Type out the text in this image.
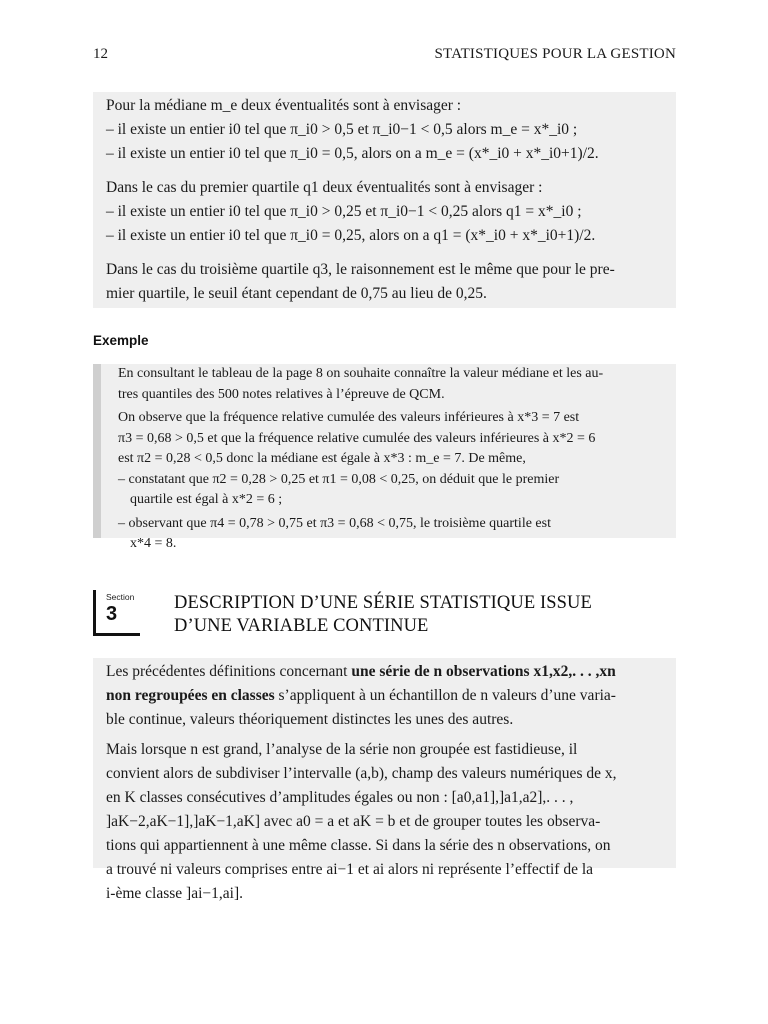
12	STATISTIQUES POUR LA GESTION
Pour la médiane m_e deux éventualités sont à envisager :
– il existe un entier i0 tel que π_i0 > 0,5 et π_i0−1 < 0,5 alors m_e = x*_i0 ;
– il existe un entier i0 tel que π_i0 = 0,5, alors on a m_e = (x*_i0 + x*_i0+1)/2.
Dans le cas du premier quartile q1 deux éventualités sont à envisager :
– il existe un entier i0 tel que π_i0 > 0,25 et π_i0−1 < 0,25 alors q1 = x*_i0 ;
– il existe un entier i0 tel que π_i0 = 0,25, alors on a q1 = (x*_i0 + x*_i0+1)/2.
Dans le cas du troisième quartile q3, le raisonnement est le même que pour le pre-
mier quartile, le seuil étant cependant de 0,75 au lieu de 0,25.
Exemple
En consultant le tableau de la page 8 on souhaite connaître la valeur médiane et les au-
tres quantiles des 500 notes relatives à l’épreuve de QCM.
On observe que la fréquence relative cumulée des valeurs inférieures à x*3 = 7 est
π3 = 0,68 > 0,5 et que la fréquence relative cumulée des valeurs inférieures à x*2 = 6
est π2 = 0,28 < 0,5 donc la médiane est égale à x*3 : m_e = 7. De même,
– constatant que π2 = 0,28 > 0,25 et π1 = 0,08 < 0,25, on déduit que le premier
quartile est égal à x*2 = 6 ;
– observant que π4 = 0,78 > 0,75 et π3 = 0,68 < 0,75, le troisième quartile est
x*4 = 8.
Section
3	DESCRIPTION D’UNE SÉRIE STATISTIQUE ISSUE
D’UNE VARIABLE CONTINUE
Les précédentes définitions concernant une série de n observations x1,x2,. . . ,xn
non regroupées en classes s’appliquent à un échantillon de n valeurs d’une varia-
ble continue, valeurs théoriquement distinctes les unes des autres.
Mais lorsque n est grand, l’analyse de la série non groupée est fastidieuse, il
convient alors de subdiviser l’intervalle (a,b), champ des valeurs numériques de x,
en K classes consécutives d’amplitudes égales ou non : [a0,a1],]a1,a2],. . . ,
]aK−2,aK−1],]aK−1,aK] avec a0 = a et aK = b et de grouper toutes les observa-
tions qui appartiennent à une même classe. Si dans la série des n observations, on
a trouvé ni valeurs comprises entre ai−1 et ai alors ni représente l’effectif de la
i-ème classe ]ai−1,ai].
